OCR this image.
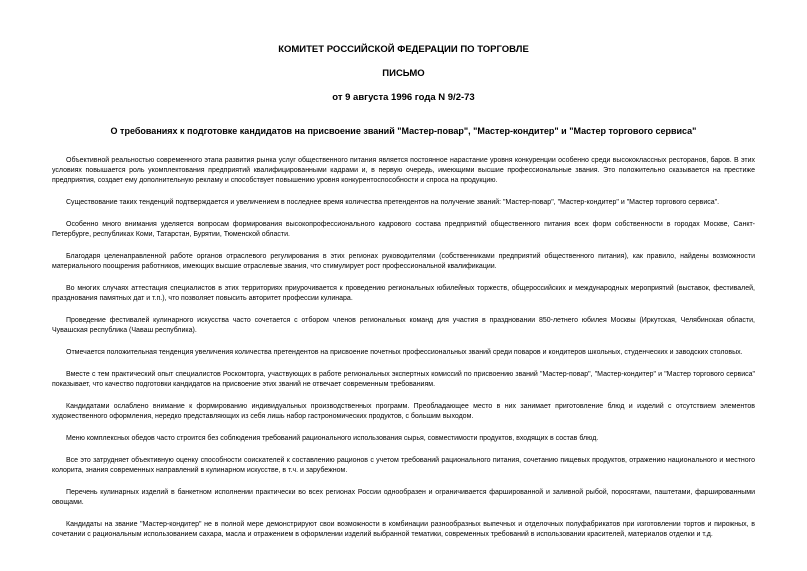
КОМИТЕТ РОССИЙСКОЙ ФЕДЕРАЦИИ ПО ТОРГОВЛЕ

ПИСЬМО

от 9 августа 1996 года N 9/2-73

О требованиях к подготовке кандидатов на присвоение званий "Мастер-повар", "Мастер-кондитер" и "Мастер торгового сервиса"

Объективной реальностью современного этапа развития рынка услуг общественного питания является постоянное нарастание уровня конкуренции особенно среди высококлассных ресторанов, баров. В этих условиях повышается роль укомплектования предприятий квалифицированными кадрами и, в первую очередь, имеющими высшие профессиональные звания. Это положительно сказывается на престиже предприятия, создает ему дополнительную рекламу и способствует повышению уровня конкурентоспособности и спроса на продукцию.

Существование таких тенденций подтверждается и увеличением в последнее время количества претендентов на получение званий: "Мастер-повар", "Мастер-кондитер" и "Мастер торгового сервиса".

Особенно много внимания уделяется вопросам формирования высокопрофессионального кадрового состава предприятий общественного питания всех форм собственности в городах Москве, Санкт-Петербурге, республиках Коми, Татарстан, Бурятии, Тюменской области.

Благодаря целенаправленной работе органов отраслевого регулирования в этих регионах руководителями (собственниками предприятий общественного питания), как правило, найдены возможности материального поощрения работников, имеющих высшие отраслевые звания, что стимулирует рост профессиональной квалификации.

Во многих случаях аттестация специалистов в этих территориях приурочивается к проведению региональных юбилейных торжеств, общероссийских и международных мероприятий (выставок, фестивалей, празднования памятных дат и т.п.), что позволяет повысить авторитет профессии кулинара.

Проведение фестивалей кулинарного искусства часто сочетается с отбором членов региональных команд для участия в праздновании 850-летнего юбилея Москвы (Иркутская, Челябинская области, Чувашская республика (Чаваш республика).

Отмечается положительная тенденция увеличения количества претендентов на присвоение почетных профессиональных званий среди поваров и кондитеров школьных, студенческих и заводских столовых.

Вместе с тем практический опыт специалистов Роскомторга, участвующих в работе региональных экспертных комиссий по присвоению званий "Мастер-повар", "Мастер-кондитер" и "Мастер торгового сервиса" показывает, что качество подготовки кандидатов на присвоение этих званий не отвечает современным требованиям.

Кандидатами ослаблено внимание к формированию индивидуальных производственных программ. Преобладающее место в них занимает приготовление блюд и изделий с отсутствием элементов художественного оформления, нередко представляющих из себя лишь набор гастрономических продуктов, с большим выходом.

Меню комплексных обедов часто строится без соблюдения требований рационального использования сырья, совместимости продуктов, входящих в состав блюд.

Все это затрудняет объективную оценку способности соискателей к составлению рационов с учетом требований рационального питания, сочетанию пищевых продуктов, отражению национального и местного колорита, знания современных направлений в кулинарном искусстве, в т.ч. и зарубежном.

Перечень кулинарных изделий в банкетном исполнении практически во всех регионах России однообразен и ограничивается фаршированной и заливной рыбой, поросятами, паштетами, фаршированными овощами.

Кандидаты на звание "Мастер-кондитер" не в полной мере демонстрируют свои возможности в комбинации разнообразных выпечных и отделочных полуфабрикатов при изготовлении тортов и пирожных, в сочетании с рациональным использованием сахара, масла и отражением в оформлении изделий выбранной тематики, современных требований в использовании красителей, материалов отделки и т.д.
